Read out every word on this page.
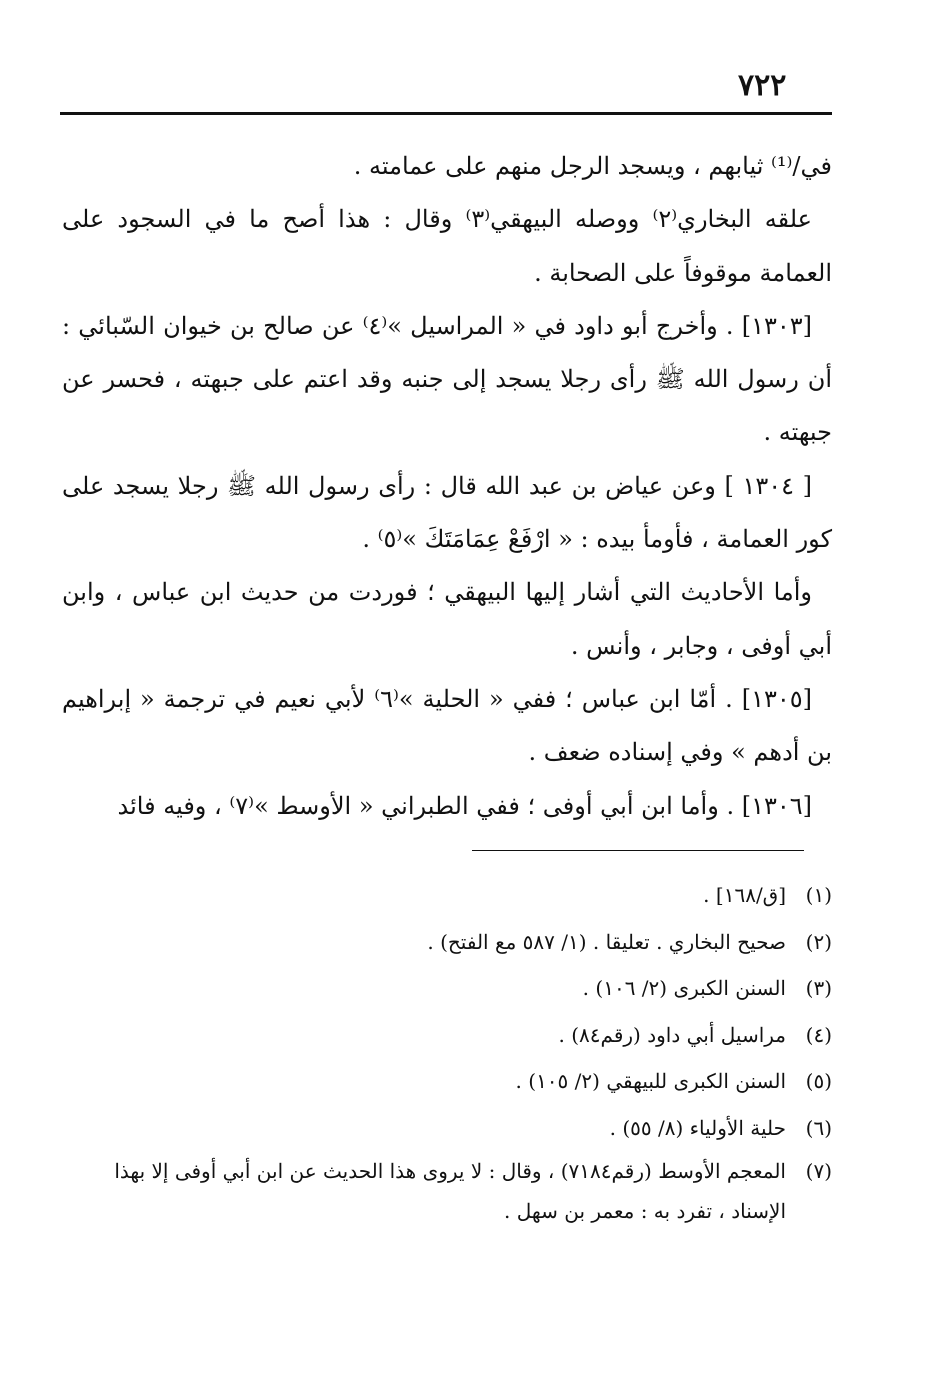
٧٢٢

في/⁽¹⁾ ثيابهم ، ويسجد الرجل منهم على عمامته .

علقه البخاري⁽٢⁾ ووصله البيهقي⁽٣⁾ وقال : هذا أصح ما في السجود على العمامة موقوفاً على الصحابة .

[١٣٠٣] . وأخرج أبو داود في « المراسيل »⁽٤⁾ عن صالح بن خيوان السّبائي : أن رسول الله ﷺ رأى رجلا يسجد إلى جنبه وقد اعتم على جبهته ، فحسر عن جبهته .

[ ١٣٠٤ ] وعن عياض بن عبد الله قال : رأى رسول الله ﷺ رجلا يسجد على كور العمامة ، فأومأ بيده : « ارْفَعْ عِمَامَتَكَ »⁽٥⁾ .

وأما الأحاديث التي أشار إليها البيهقي ؛ فوردت من حديث ابن عباس ، وابن أبي أوفى ، وجابر ، وأنس .

[١٣٠٥] . أمّا ابن عباس ؛ ففي « الحلية »⁽٦⁾ لأبي نعيم في ترجمة « إبراهيم بن أدهم » وفي إسناده ضعف .

[١٣٠٦] . وأما ابن أبي أوفى ؛ ففي الطبراني « الأوسط »⁽٧⁾ ، وفيه فائد

(١)
[ق/١٦٨] .

(٢)
صحيح البخاري . تعليقا . (١/ ٥٨٧ مع الفتح) .

(٣)
السنن الكبرى (٢/ ١٠٦) .

(٤)
مراسيل أبي داود (رقم٨٤) .

(٥)
السنن الكبرى للبيهقي (٢/ ١٠٥) .

(٦)
حلية الأولياء (٨/ ٥٥) .

(٧)
المعجم الأوسط (رقم٧١٨٤) ، وقال : لا يروى هذا الحديث عن ابن أبي أوفى إلا بهذا الإسناد ، تفرد به : معمر بن سهل .
